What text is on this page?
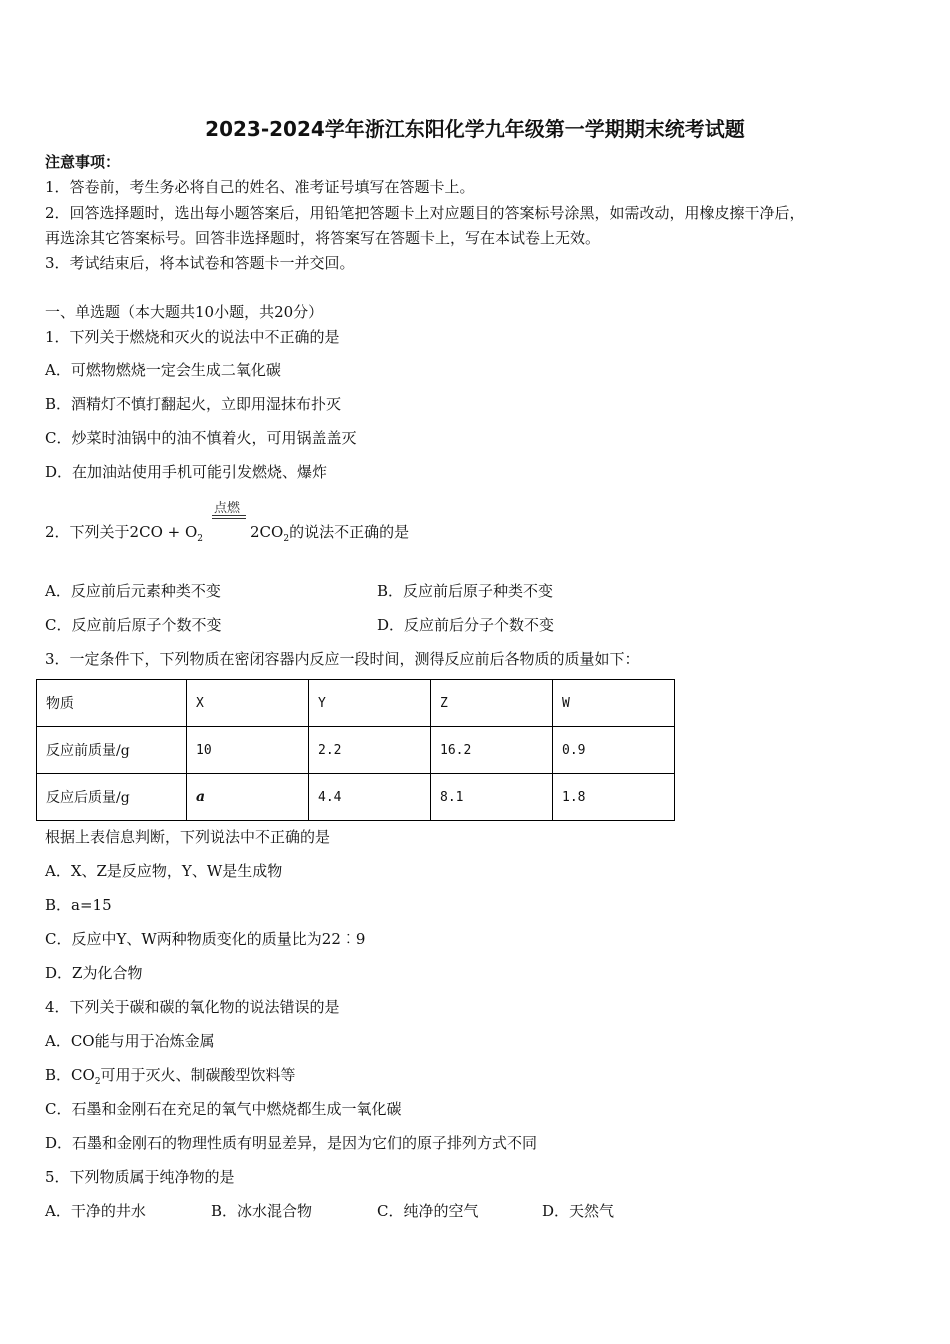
2023-2024学年浙江东阳化学九年级第一学期期末统考试题
注意事项：
1．答卷前，考生务必将自己的姓名、准考证号填写在答题卡上。
2．回答选择题时，选出每小题答案后，用铅笔把答题卡上对应题目的答案标号涂黑，如需改动，用橡皮擦干净后，
再选涂其它答案标号。回答非选择题时，将答案写在答题卡上，写在本试卷上无效。
3．考试结束后，将本试卷和答题卡一并交回。
一、单选题（本大题共10小题，共20分）
1．下列关于燃烧和灭火的说法中不正确的是
A．可燃物燃烧一定会生成二氧化碳
B．酒精灯不慎打翻起火，立即用湿抹布扑灭
C．炒菜时油锅中的油不慎着火，可用锅盖盖灭
D．在加油站使用手机可能引发燃烧、爆炸
2．下列关于$2CO + O_2$
点燃
$2CO_2$的说法不正确的是
A．反应前后元素种类不变	B．反应前后原子种类不变
C．反应前后原子个数不变	D．反应前后分子个数不变
3．一定条件下，下列物质在密闭容器内反应一段时间，测得反应前后各物质的质量如下：
物质	X	Y	Z	W
反应前质量/g	10	2.2	16.2	0.9
反应后质量/g	a	4.4	8.1	1.8
根据上表信息判断，下列说法中不正确的是
A．X、Z是反应物，Y、W是生成物
B．a=15
C．反应中Y、W两种物质变化的质量比为22︰9
D．Z为化合物
4．下列关于碳和碳的氧化物的说法错误的是
A．CO能与用于冶炼金属
B．$CO_2$可用于灭火、制碳酸型饮料等
C．石墨和金刚石在充足的氧气中燃烧都生成一氧化碳
D．石墨和金刚石的物理性质有明显差异，是因为它们的原子排列方式不同
5．下列物质属于纯净物的是
A．干净的井水	B．冰水混合物	C．纯净的空气	D．天然气
